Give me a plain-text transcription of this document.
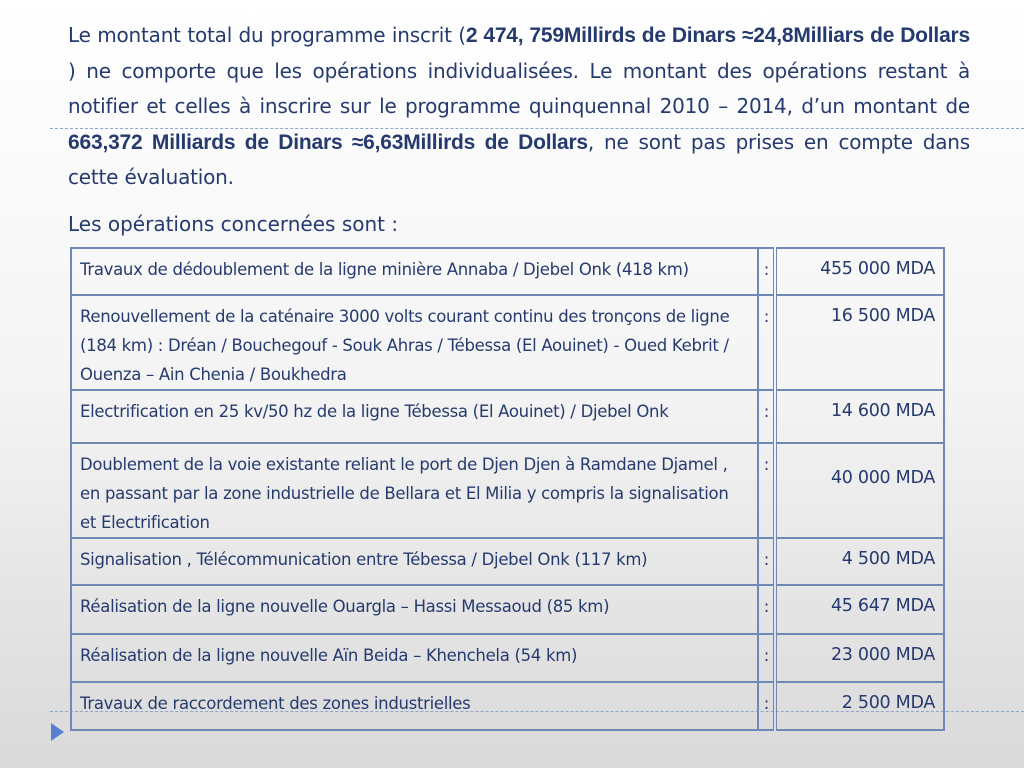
Le montant total du programme inscrit (2 474, 759Millirds de Dinars ≈24,8Milliars de Dollars ) ne comporte que les opérations individualisées. Le montant des opérations restant à notifier et celles à inscrire sur le programme quinquennal 2010 – 2014, d’un montant de 663,372 Milliards de Dinars ≈6,63Millirds de Dollars, ne sont pas prises en compte dans cette évaluation.

Les opérations concernées sont :
Travaux de dédoublement de la ligne minière Annaba / Djebel Onk (418 km)	:	455 000 MDA
Renouvellement de la caténaire 3000 volts courant continu des tronçons de ligne (184 km) : Dréan / Bouchegouf - Souk Ahras / Tébessa (El Aouinet) - Oued Kebrit / Ouenza – Ain Chenia / Boukhedra	:	16 500 MDA
Electrification en 25 kv/50 hz de la ligne Tébessa (El Aouinet) / Djebel Onk	:	14 600 MDA
Doublement de la voie existante reliant le port de Djen Djen à Ramdane Djamel , en passant par la zone industrielle de Bellara et El Milia y compris la signalisation et Electrification	:	40 000 MDA
Signalisation , Télécommunication entre Tébessa / Djebel Onk (117 km)	:	4 500 MDA
Réalisation de la ligne nouvelle Ouargla – Hassi Messaoud (85 km)	:	45 647 MDA
Réalisation de la ligne nouvelle Aïn Beida – Khenchela (54 km)	:	23 000 MDA
Travaux de raccordement des zones industrielles	:	2 500 MDA
